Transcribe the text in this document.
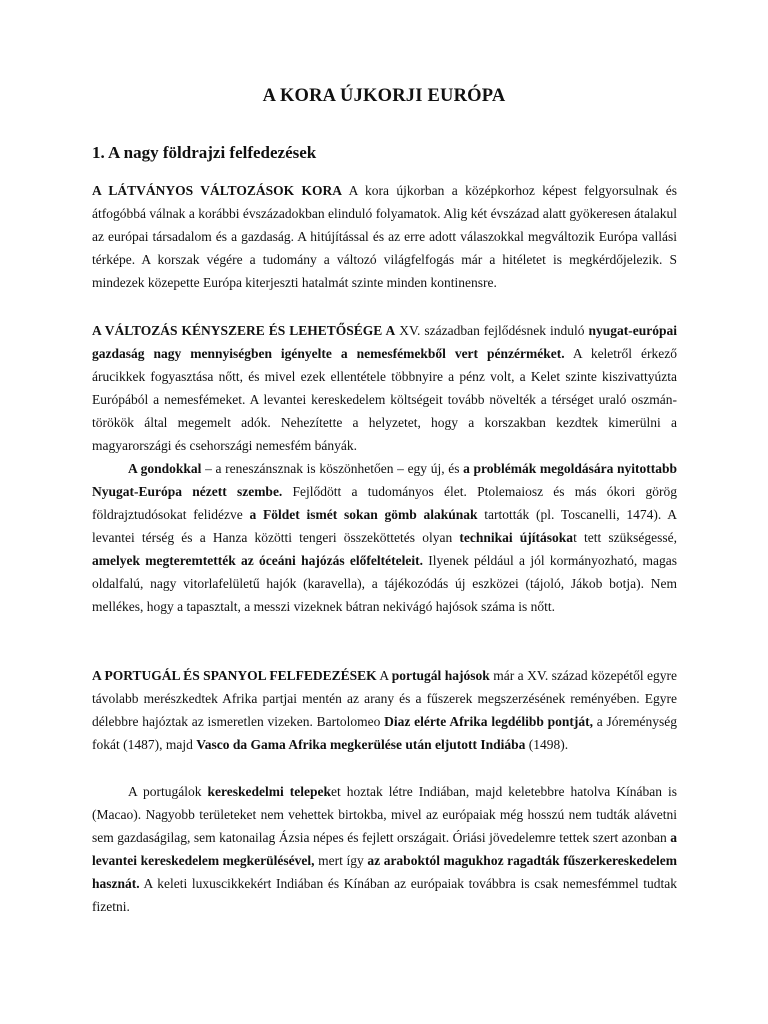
A KORA ÚJKORJI EURÓPA
1. A nagy földrajzi felfedezések

A LÁTVÁNYOS VÁLTOZÁSOK KORA A kora újkorban a középkorhoz képest felgyorsulnak és átfogóbbá válnak a korábbi évszázadokban elinduló folyamatok. Alig két évszázad alatt gyökeresen átalakul az európai társadalom és a gazdaság. A hitújítással és az erre adott válaszokkal megváltozik Európa vallási térképe. A korszak végére a tudomány a változó világfelfogás már a hitéletet is megkérdőjelezik. S mindezek közepette Európa kiterjeszti hatalmát szinte minden kontinensre.

A VÁLTOZÁS KÉNYSZERE ÉS LEHETŐSÉGE A XV. században fejlődésnek induló nyugat-európai gazdaság nagy mennyiségben igényelte a nemesfémekből vert pénzérméket. A keletről érkező árucikkek fogyasztása nőtt, és mivel ezek ellentétele többnyire a pénz volt, a Kelet szinte kiszivattyúzta Európából a nemesfémeket. A levantei kereskedelem költségeit tovább növelték a térséget uraló oszmán-törökök által megemelt adók. Nehezítette a helyzetet, hogy a korszakban kezdtek kimerülni a magyarországi és csehországi nemesfém bányák.

A gondokkal – a reneszánsznak is köszönhetően – egy új, és a problémák megoldására nyitottabb Nyugat-Európa nézett szembe. Fejlődött a tudományos élet. Ptolemaiosz és más ókori görög földrajztudósokat felidézve a Földet ismét sokan gömb alakúnak tartották (pl. Toscanelli, 1474). A levantei térség és a Hanza közötti tengeri összeköttetés olyan technikai újításokat tett szükségessé, amelyek megteremtették az óceáni hajózás előfeltételeit. Ilyenek például a jól kormányozható, magas oldalfalú, nagy vitorlafelületű hajók (karavella), a tájékozódás új eszközei (tájoló, Jákob botja). Nem mellékes, hogy a tapasztalt, a messzi vizeknek bátran nekivágó hajósok száma is nőtt.

A PORTUGÁL ÉS SPANYOL FELFEDEZÉSEK A portugál hajósok már a XV. század közepétől egyre távolabb merészkedtek Afrika partjai mentén az arany és a fűszerek megszerzésének reményében. Egyre délebbre hajóztak az ismeretlen vizeken. Bartolomeo Diaz elérte Afrika legdélibb pontját, a Jóreménység fokát (1487), majd Vasco da Gama Afrika megkerülése után eljutott Indiába (1498).

A portugálok kereskedelmi telepeket hoztak létre Indiában, majd keletebbre hatolva Kínában is (Macao). Nagyobb területeket nem vehettek birtokba, mivel az európaiak még hosszú nem tudták alávetni sem gazdaságilag, sem katonailag Ázsia népes és fejlett országait. Óriási jövedelemre tettek szert azonban a levantei kereskedelem megkerülésével, mert így az araboktól magukhoz ragadták fűszerkereskedelem hasznát. A keleti luxuscikkekért Indiában és Kínában az európaiak továbbra is csak nemesfémmel tudtak fizetni.
